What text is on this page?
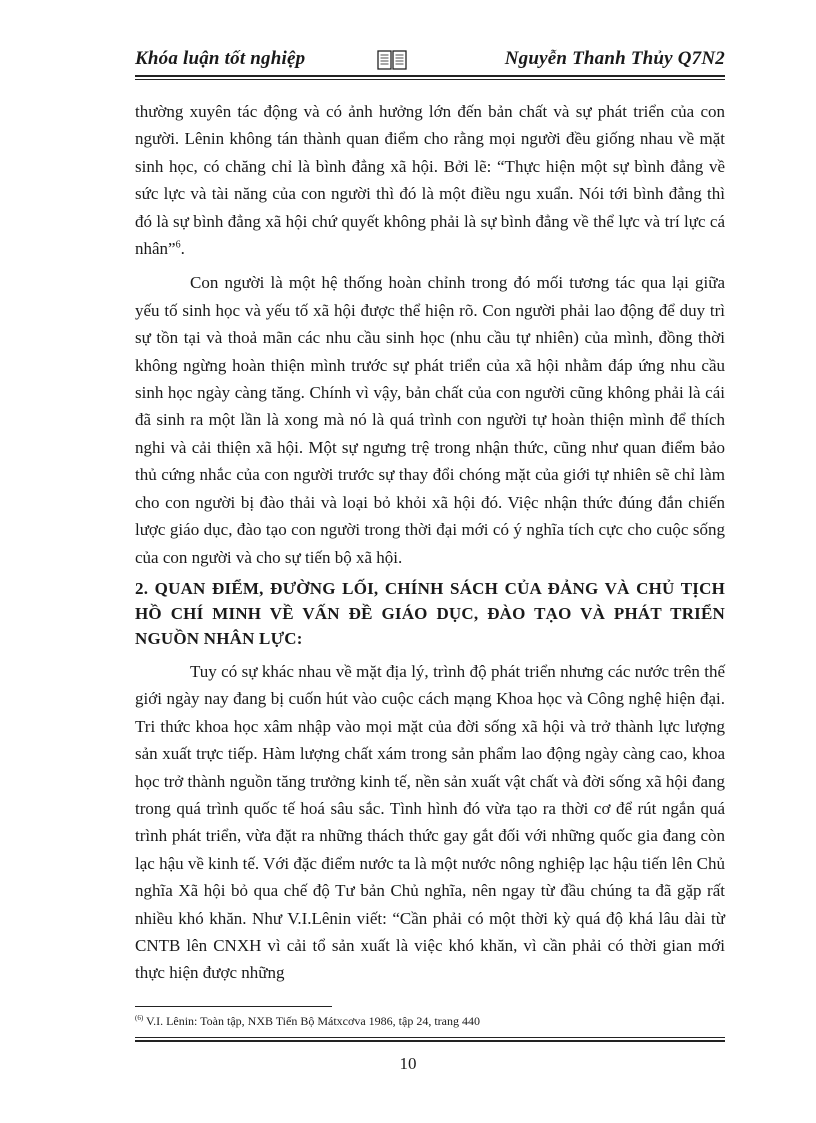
Khóa luận tốt nghiệp	Nguyễn Thanh Thủy Q7N2

thường xuyên tác động và có ảnh hưởng lớn đến bản chất và sự phát triển của con người. Lênin không tán thành quan điểm cho rằng mọi người đều giống nhau về mặt sinh học, có chăng chỉ là bình đẳng xã hội. Bởi lẽ: “Thực hiện một sự bình đẳng về sức lực và tài năng của con người thì đó là một điều ngu xuẩn. Nói tới bình đẳng thì đó là sự bình đẳng xã hội chứ quyết không phải là sự bình đẳng về thể lực và trí lực cá nhân”$^6$.

Con người là một hệ thống hoàn chỉnh trong đó mối tương tác qua lại giữa yếu tố sinh học và yếu tố xã hội được thể hiện rõ. Con người phải lao động để duy trì sự tồn tại và thoả mãn các nhu cầu sinh học (nhu cầu tự nhiên) của mình, đồng thời không ngừng hoàn thiện mình trước sự phát triển của xã hội nhằm đáp ứng nhu cầu sinh học ngày càng tăng. Chính vì vậy, bản chất của con người cũng không phải là cái đã sinh ra một lần là xong mà nó là quá trình con người tự hoàn thiện mình để thích nghi và cải thiện xã hội. Một sự ngưng trệ trong nhận thức, cũng như quan điểm bảo thủ cứng nhắc của con người trước sự thay đổi chóng mặt của giới tự nhiên sẽ chỉ làm cho con người bị đào thải và loại bỏ khỏi xã hội đó. Việc nhận thức đúng đắn chiến lược giáo dục, đào tạo con người trong thời đại mới có ý nghĩa tích cực cho cuộc sống của con người và cho sự tiến bộ xã hội.

2. QUAN ĐIỂM, ĐƯỜNG LỐI, CHÍNH SÁCH CỦA ĐẢNG VÀ CHỦ TỊCH HỒ CHÍ MINH VỀ VẤN ĐỀ GIÁO DỤC, ĐÀO TẠO VÀ PHÁT TRIỂN NGUỒN NHÂN LỰC:

Tuy có sự khác nhau về mặt địa lý, trình độ phát triển nhưng các nước trên thế giới ngày nay đang bị cuốn hút vào cuộc cách mạng Khoa học và Công nghệ hiện đại. Tri thức khoa học xâm nhập vào mọi mặt của đời sống xã hội và trở thành lực lượng sản xuất trực tiếp. Hàm lượng chất xám trong sản phẩm lao động ngày càng cao, khoa học trở thành nguồn tăng trưởng kinh tế, nền sản xuất vật chất và đời sống xã hội đang trong quá trình quốc tế hoá sâu sắc. Tình hình đó vừa tạo ra thời cơ để rút ngắn quá trình phát triển, vừa đặt ra những thách thức gay gắt đối với những quốc gia đang còn lạc hậu về kinh tế. Với đặc điểm nước ta là một nước nông nghiệp lạc hậu tiến lên Chủ nghĩa Xã hội bỏ qua chế độ Tư bản Chủ nghĩa, nên ngay từ đầu chúng ta đã gặp rất nhiều khó khăn. Như V.I.Lênin viết: “Cần phải có một thời kỳ quá độ khá lâu dài từ CNTB lên CNXH vì cải tổ sản xuất là việc khó khăn, vì cần phải có thời gian mới thực hiện được những

$^{(6)}$ V.I. Lênin: Toàn tập, NXB Tiến Bộ Mátxcơva 1986, tập 24, trang 440
10
